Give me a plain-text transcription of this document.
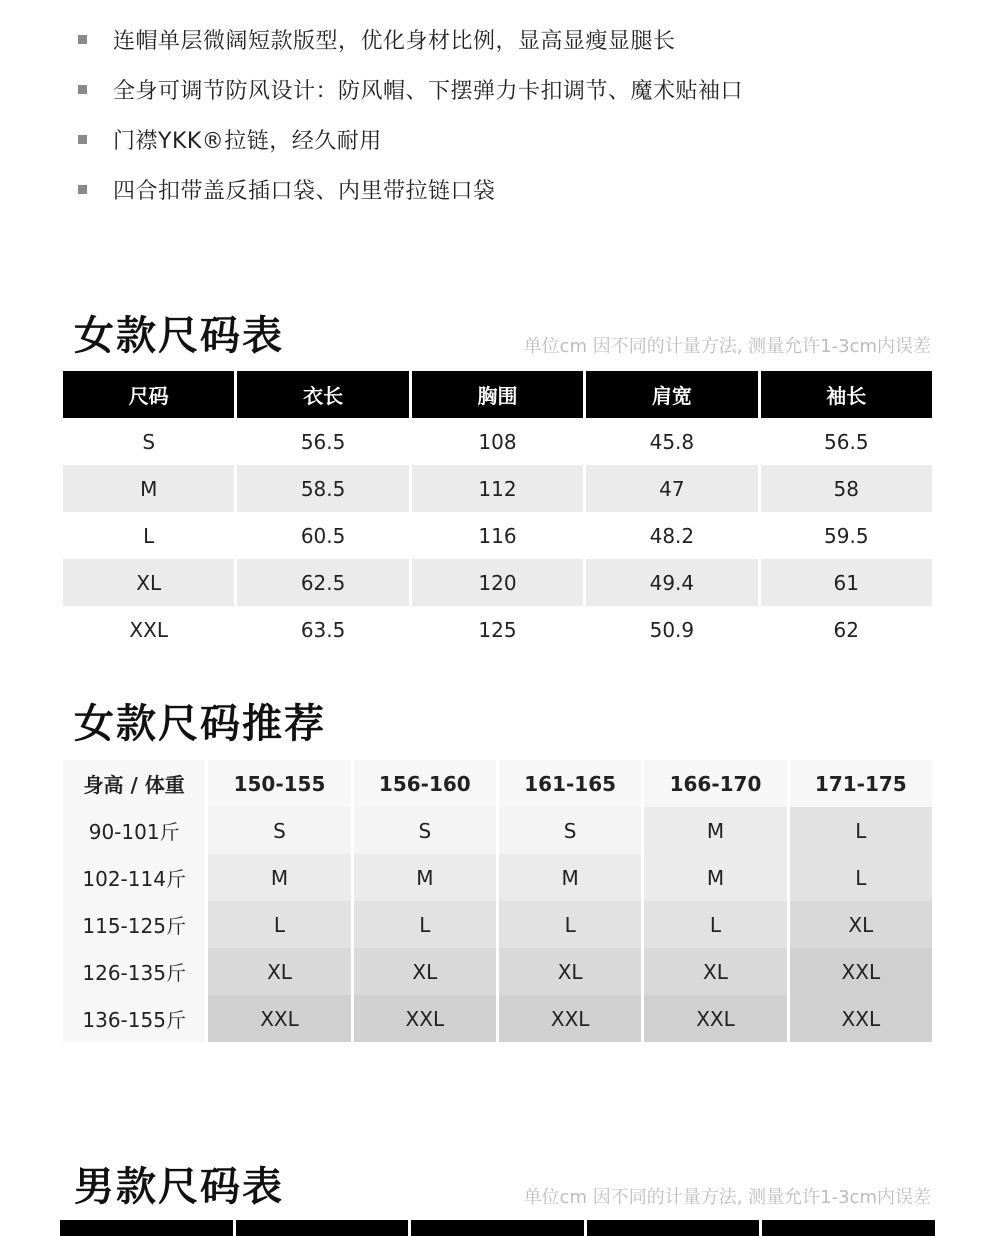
连帽单层微阔短款版型，优化身材比例，显高显瘦显腿长
全身可调节防风设计：防风帽、下摆弹力卡扣调节、魔术贴袖口
门襟YKK®拉链，经久耐用
四合扣带盖反插口袋、内里带拉链口袋
女款尺码表	单位cm 因不同的计量方法, 测量允许1-3cm内误差
尺码	衣长	胸围	肩宽	袖长
S	56.5	108	45.8	56.5
M	58.5	112	47	58
L	60.5	116	48.2	59.5
XL	62.5	120	49.4	61
XXL	63.5	125	50.9	62
女款尺码推荐
身高 / 体重	150-155	156-160	161-165	166-170	171-175
90-101斤	S	S	S	M	L
102-114斤	M	M	M	M	L
115-125斤	L	L	L	L	XL
126-135斤	XL	XL	XL	XL	XXL
136-155斤	XXL	XXL	XXL	XXL	XXL
男款尺码表	单位cm 因不同的计量方法, 测量允许1-3cm内误差
